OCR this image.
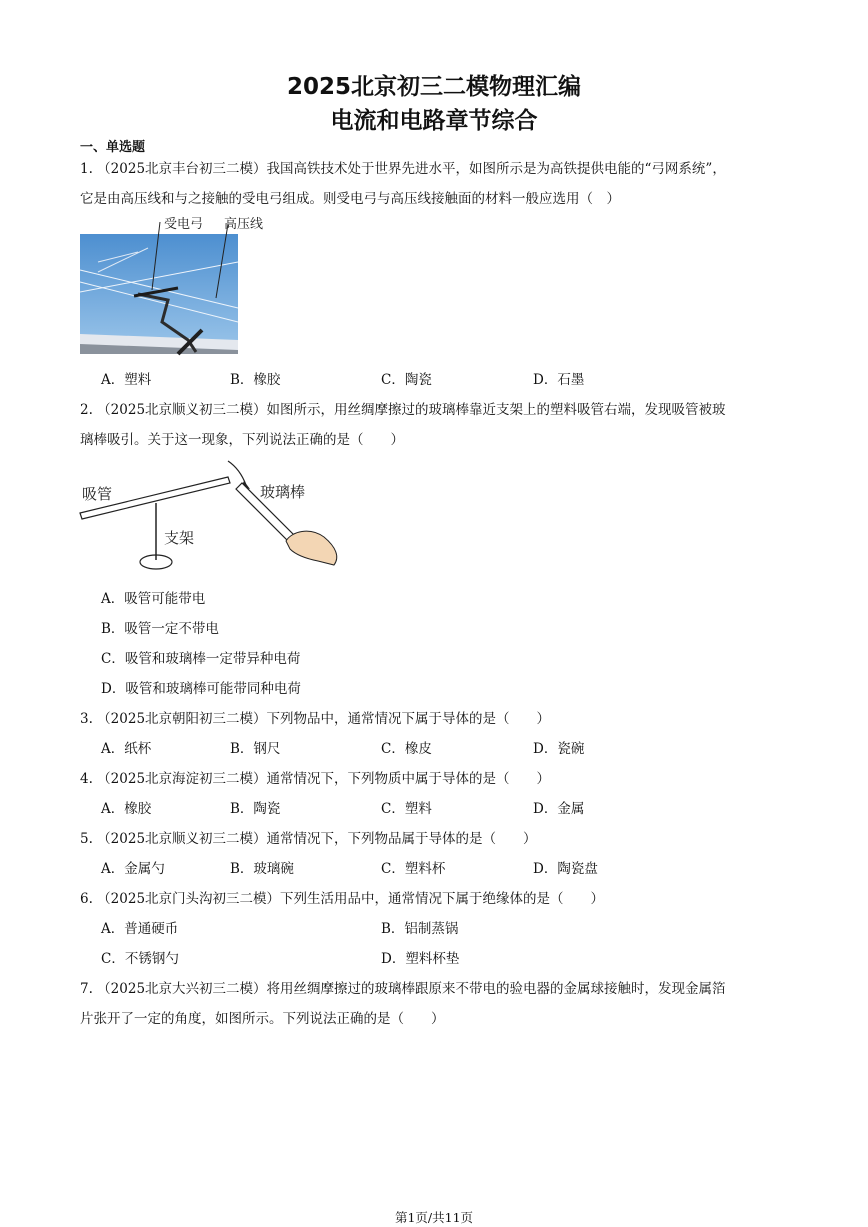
2025北京初三二模物理汇编
电流和电路章节综合
一、单选题
1. （2025北京丰台初三二模）我国高铁技术处于世界先进水平，如图所示是为高铁提供电能的“弓网系统”，
它是由高压线和与之接触的受电弓组成。则受电弓与高压线接触面的材料一般应选用（　）
受电弓 高压线
A．塑料	B．橡胶	C．陶瓷	D．石墨
2. （2025北京顺义初三二模）如图所示，用丝绸摩擦过的玻璃棒靠近支架上的塑料吸管右端，发现吸管被玻
璃棒吸引。关于这一现象，下列说法正确的是（　　）
吸管	玻璃棒
支架
A．吸管可能带电
B．吸管一定不带电
C．吸管和玻璃棒一定带异种电荷
D．吸管和玻璃棒可能带同种电荷
3. （2025北京朝阳初三二模）下列物品中，通常情况下属于导体的是（　　）
A．纸杯	B．钢尺	C．橡皮	D．瓷碗
4. （2025北京海淀初三二模）通常情况下，下列物质中属于导体的是（　　）
A．橡胶	B．陶瓷	C．塑料	D．金属
5. （2025北京顺义初三二模）通常情况下，下列物品属于导体的是（　　）
A．金属勺	B．玻璃碗	C．塑料杯	D．陶瓷盘
6. （2025北京门头沟初三二模）下列生活用品中，通常情况下属于绝缘体的是（　　）
A．普通硬币	B．铝制蒸锅
C．不锈钢勺	D．塑料杯垫
7. （2025北京大兴初三二模）将用丝绸摩擦过的玻璃棒跟原来不带电的验电器的金属球接触时，发现金属箔
片张开了一定的角度，如图所示。下列说法正确的是（　　）
第1页/共11页
